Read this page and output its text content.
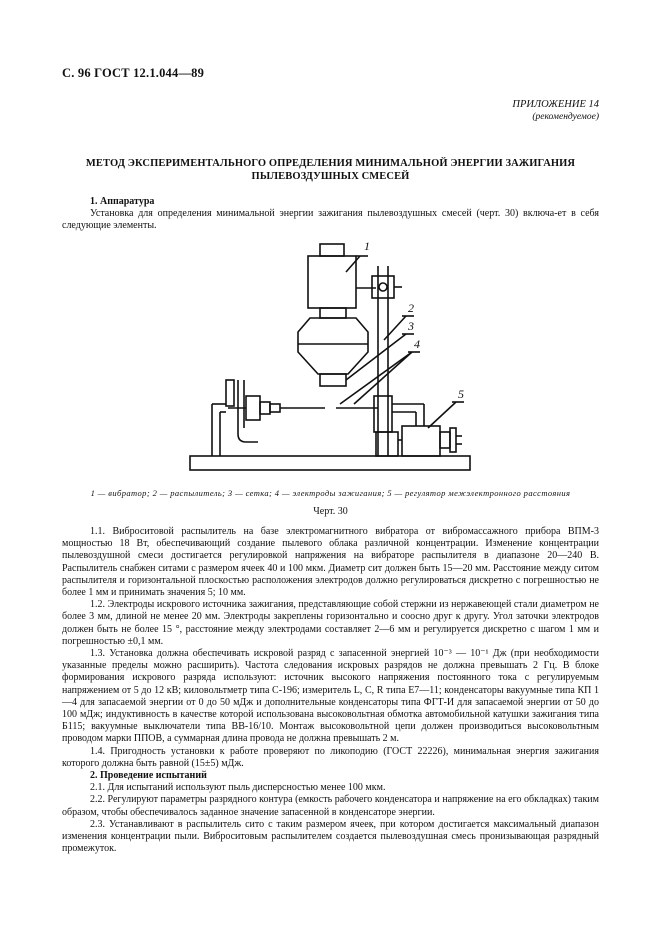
С. 96 ГОСТ 12.1.044—89
ПРИЛОЖЕНИЕ 14
(рекомендуемое)
МЕТОД ЭКСПЕРИМЕНТАЛЬНОГО ОПРЕДЕЛЕНИЯ МИНИМАЛЬНОЙ ЭНЕРГИИ ЗАЖИГАНИЯ
ПЫЛЕВОЗДУШНЫХ СМЕСЕЙ

1. Аппаратура

Установка для определения минимальной энергии зажигания пылевоздушных смесей (черт. 30) включа-ет в себя следующие элементы.

1
2
3
4
5
1 — вибратор; 2 — распылитель; 3 — сетка; 4 — электроды зажигания; 5 — регулятор межэлектронного расстояния
Черт. 30

1.1. Виброситовой распылитель на базе электромагнитного вибратора от вибромассажного прибора ВПМ-3 мощностью 18 Вт, обеспечивающий создание пылевого облака различной концентрации. Изменение концентрации пылевоздушной смеси достигается регулировкой напряжения на вибраторе распылителя в диапазоне 20—240 В. Распылитель снабжен ситами с размером ячеек 40 и 100 мкм. Диаметр сит должен быть 15—20 мм. Расстояние между ситом распылителя и горизонтальной плоскостью расположения электродов должно регулироваться дискретно с погрешностью не более 1 мм и принимать значения 5; 10 мм.

1.2. Электроды искрового источника зажигания, представляющие собой стержни из нержавеющей стали диаметром не более 3 мм, длиной не менее 20 мм. Электроды закреплены горизонтально и соосно друг к другу. Угол заточки электродов должен быть не более 15 °, расстояние между электродами составляет 2—6 мм и регулируется дискретно с шагом 1 мм и погрешностью ±0,1 мм.

1.3. Установка должна обеспечивать искровой разряд с запасенной энергией 10⁻³ — 10⁻¹ Дж (при необходимости указанные пределы можно расширить). Частота следования искровых разрядов не должна превышать 2 Гц. В блоке формирования искрового разряда используют: источник высокого напряжения постоянного тока с регулируемым напряжением от 5 до 12 кВ; киловольтметр типа С-196; измеритель L, C, R типа Е7—11; конденсаторы вакуумные типа КП 1—4 для запасаемой энергии от 0 до 50 мДж и дополнительные конденсаторы типа ФГТ-И для запасаемой энергии от 50 до 100 мДж; индуктивность в качестве которой использована высоковольтная обмотка автомобильной катушки зажигания типа Б115; вакуумные выключатели типа ВВ-16/10. Монтаж высоковольтной цепи должен производиться высоковольтным проводом марки ППОВ, а суммарная длина провода не должна превышать 2 м.

1.4. Пригодность установки к работе проверяют по ликоподию (ГОСТ 22226), минимальная энергия зажигания которого должна быть равной (15±5) мДж.

2. Проведение испытаний

2.1. Для испытаний используют пыль дисперсностью менее 100 мкм.

2.2. Регулируют параметры разрядного контура (емкость рабочего конденсатора и напряжение на его обкладках) таким образом, чтобы обеспечивалось заданное значение запасенной в конденсаторе энергии.

2.3. Устанавливают в распылитель сито с таким размером ячеек, при котором достигается максимальный диапазон изменения концентрации пыли. Виброситовым распылителем создается пылевоздушная смесь пронизывающая разрядный промежуток.
